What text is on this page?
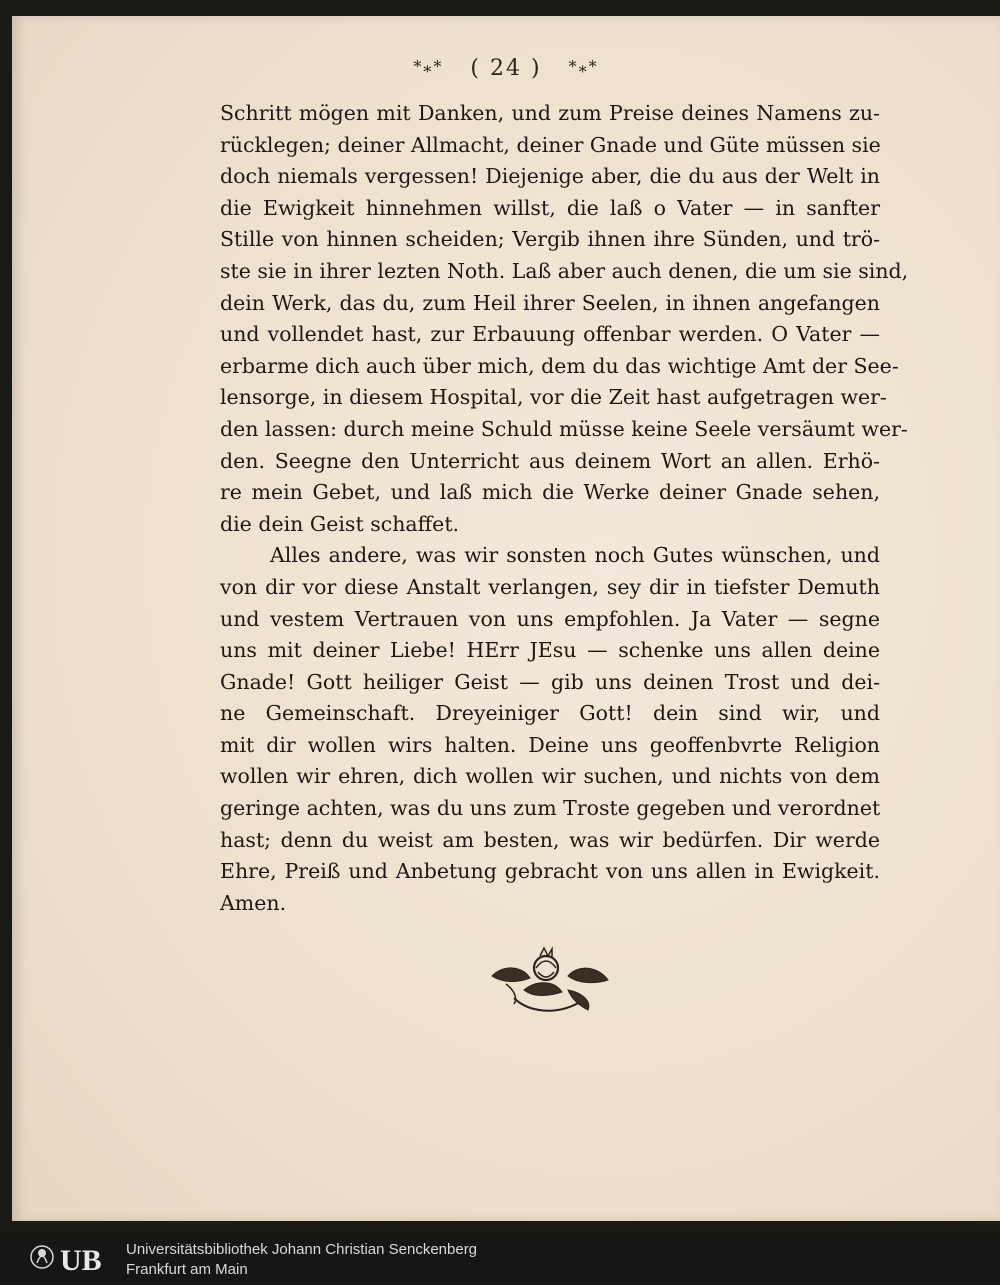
*⁎* ( 24 ) *⁎*
Schritt mögen mit Danken, und zum Preise deines Namens zu-
rücklegen; deiner Allmacht, deiner Gnade und Güte müssen sie
doch niemals vergessen! Diejenige aber, die du aus der Welt in
die Ewigkeit hinnehmen willst, die laß o Vater — in sanfter
Stille von hinnen scheiden; Vergib ihnen ihre Sünden, und trö-
ste sie in ihrer lezten Noth. Laß aber auch denen, die um sie sind,
dein Werk, das du, zum Heil ihrer Seelen, in ihnen angefangen
und vollendet hast, zur Erbauung offenbar werden. O Vater —
erbarme dich auch über mich, dem du das wichtige Amt der See-
lensorge, in diesem Hospital, vor die Zeit hast aufgetragen wer-
den lassen: durch meine Schuld müsse keine Seele versäumt wer-
den. Seegne den Unterricht aus deinem Wort an allen. Erhö-
re mein Gebet, und laß mich die Werke deiner Gnade sehen,
die dein Geist schaffet.
Alles andere, was wir sonsten noch Gutes wünschen, und
von dir vor diese Anstalt verlangen, sey dir in tiefster Demuth
und vestem Vertrauen von uns empfohlen. Ja Vater — segne
uns mit deiner Liebe! HErr JEsu — schenke uns allen deine
Gnade! Gott heiliger Geist — gib uns deinen Trost und dei-
ne Gemeinschaft. Dreyeiniger Gott! dein sind wir, und
mit dir wollen wirs halten. Deine uns geoffenbvrte Religion
wollen wir ehren, dich wollen wir suchen, und nichts von dem
geringe achten, was du uns zum Troste gegeben und verordnet
hast; denn du weist am besten, was wir bedürfen. Dir werde
Ehre, Preiß und Anbetung gebracht von uns allen in Ewigkeit.
Amen.
UB Universitätsbibliothek Johann Christian Senckenberg
Frankfurt am Main
